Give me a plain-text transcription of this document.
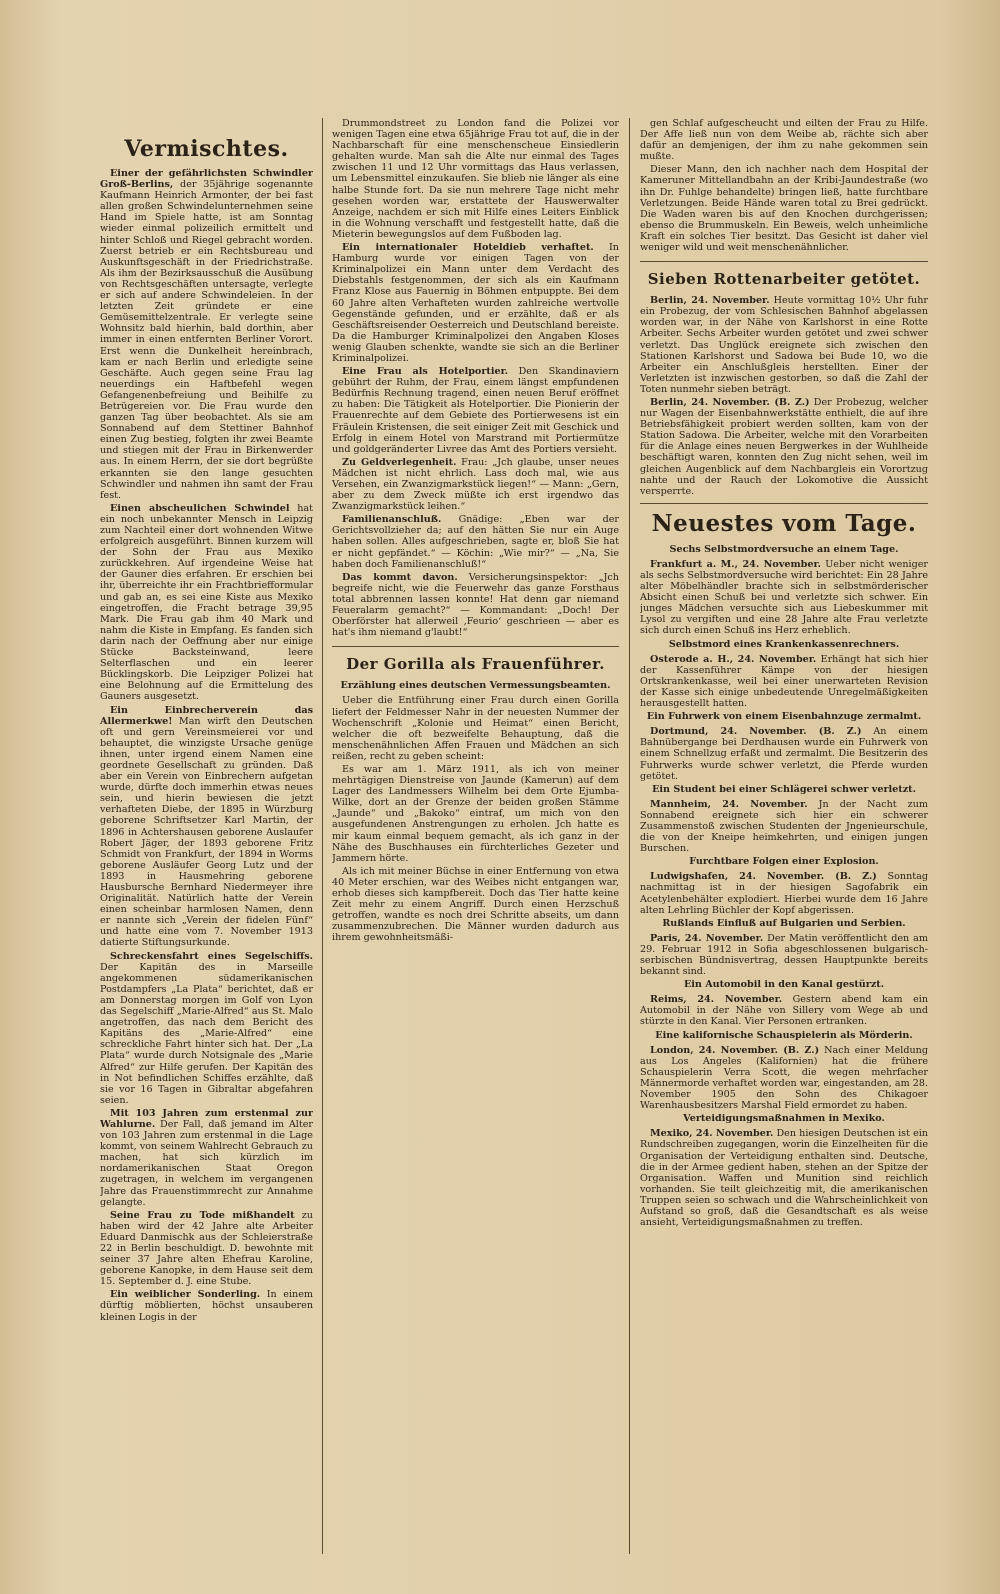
Vermischtes.

Einer der gefährlichsten Schwindler Groß-Berlins, der 35jährige sogenannte Kaufmann Heinrich Armonter, der bei fast allen großen Schwindelunternehmen seine Hand im Spiele hatte, ist am Sonntag wieder einmal polizeilich ermittelt und hinter Schloß und Riegel gebracht worden. Zuerst betrieb er ein Rechtsbureau und Auskunftsgeschäft in der Friedrichstraße. Als ihm der Bezirksausschuß die Ausübung von Rechtsgeschäften untersagte, verlegte er sich auf andere Schwindeleien. In der letzten Zeit gründete er eine Gemüsemittelzentrale. Er verlegte seine Wohnsitz bald hierhin, bald dorthin, aber immer in einen entfernten Berliner Vorort. Erst wenn die Dunkelheit hereinbrach, kam er nach Berlin und erledigte seine Geschäfte. Auch gegen seine Frau lag neuerdings ein Haftbefehl wegen Gefangenenbefreiung und Beihilfe zu Betrügereien vor. Die Frau wurde den ganzen Tag über beobachtet. Als sie am Sonnabend auf dem Stettiner Bahnhof einen Zug bestieg, folgten ihr zwei Beamte und stiegen mit der Frau in Birkenwerder aus. In einem Herrn, der sie dort begrüßte erkannten sie den lange gesuchten Schwindler und nahmen ihn samt der Frau fest.

Einen abscheulichen Schwindel hat ein noch unbekannter Mensch in Leipzig zum Nachteil einer dort wohnenden Witwe erfolgreich ausgeführt. Binnen kurzem will der Sohn der Frau aus Mexiko zurückkehren. Auf irgendeine Weise hat der Gauner dies erfahren. Er erschien bei ihr, überreichte ihr ein Frachtbriefformular und gab an, es sei eine Kiste aus Mexiko eingetroffen, die Fracht betrage 39,95 Mark. Die Frau gab ihm 40 Mark und nahm die Kiste in Empfang. Es fanden sich darin nach der Oeffnung aber nur einige Stücke Backsteinwand, leere Selterflaschen und ein leerer Bücklingskorb. Die Leipziger Polizei hat eine Belohnung auf die Ermittelung des Gauners ausgesetzt.

Ein Einbrecherverein das Allermerkwe! Man wirft den Deutschen oft und gern Vereinsmeierei vor und behauptet, die winzigste Ursache genüge ihnen, unter irgend einem Namen eine geordnete Gesellschaft zu gründen. Daß aber ein Verein von Einbrechern aufgetan wurde, dürfte doch immerhin etwas neues sein, und hierin bewiesen die jetzt verhafteten Diebe, der 1895 in Würzburg geborene Schriftsetzer Karl Martin, der 1896 in Achtershausen geborene Auslaufer Robert Jäger, der 1893 geborene Fritz Schmidt von Frankfurt, der 1894 in Worms geborene Ausläufer Georg Lutz und der 1893 in Hausmehring geborene Hausbursche Bernhard Niedermeyer ihre Originalität. Natürlich hatte der Verein einen scheinbar harmlosen Namen, denn er nannte sich „Verein der fidelen Fünf“ und hatte eine vom 7. November 1913 datierte Stiftungsurkunde.

Schreckensfahrt eines Segelschiffs. Der Kapitän des in Marseille angekommenen südamerikanischen Postdampfers „La Plata“ berichtet, daß er am Donnerstag morgen im Golf von Lyon das Segelschiff „Marie-Alfred“ aus St. Malo angetroffen, das nach dem Bericht des Kapitäns des „Marie-Alfred“ eine schreckliche Fahrt hinter sich hat. Der „La Plata“ wurde durch Notsignale des „Marie Alfred“ zur Hilfe gerufen. Der Kapitän des in Not befindlichen Schiffes erzählte, daß sie vor 16 Tagen in Gibraltar abgefahren seien.

Mit 103 Jahren zum erstenmal zur Wahlurne. Der Fall, daß jemand im Alter von 103 Jahren zum erstenmal in die Lage kommt, von seinem Wahlrecht Gebrauch zu machen, hat sich kürzlich im nordamerikanischen Staat Oregon zugetragen, in welchem im vergangenen Jahre das Frauenstimmrecht zur Annahme gelangte.

Seine Frau zu Tode mißhandelt zu haben wird der 42 Jahre alte Arbeiter Eduard Danmischk aus der Schleierstraße 22 in Berlin beschuldigt. D. bewohnte mit seiner 37 Jahre alten Ehefrau Karoline, geborene Kanopke, in dem Hause seit dem 15. September d. J. eine Stube.

Ein weiblicher Sonderling. In einem dürftig möblierten, höchst unsauberen kleinen Logis in der

Drummondstreet zu London fand die Polizei vor wenigen Tagen eine etwa 65jährige Frau tot auf, die in der Nachbarschaft für eine menschenscheue Einsiedlerin gehalten wurde. Man sah die Alte nur einmal des Tages zwischen 11 und 12 Uhr vormittags das Haus verlassen, um Lebensmittel einzukaufen. Sie blieb nie länger als eine halbe Stunde fort. Da sie nun mehrere Tage nicht mehr gesehen worden war, erstattete der Hauswerwalter Anzeige, nachdem er sich mit Hilfe eines Leiters Einblick in die Wohnung verschafft und festgestellt hatte, daß die Mieterin bewegungslos auf dem Fußboden lag.

Ein internationaler Hoteldieb verhaftet. In Hamburg wurde vor einigen Tagen von der Kriminalpolizei ein Mann unter dem Verdacht des Diebstahls festgenommen, der sich als ein Kaufmann Franz Klose aus Fauernig in Böhmen entpuppte. Bei dem 60 Jahre alten Verhafteten wurden zahlreiche wertvolle Gegenstände gefunden, und er erzählte, daß er als Geschäftsreisender Oesterreich und Deutschland bereiste. Da die Hamburger Kriminalpolizei den Angaben Kloses wenig Glauben schenkte, wandte sie sich an die Berliner Kriminalpolizei.

Eine Frau als Hotelportier. Den Skandinaviern gebührt der Ruhm, der Frau, einem längst empfundenen Bedürfnis Rechnung tragend, einen neuen Beruf eröffnet zu haben: Die Tätigkeit als Hotelportier. Die Pionierin der Frauenrechte auf dem Gebiete des Portierwesens ist ein Fräulein Kristensen, die seit einiger Zeit mit Geschick und Erfolg in einem Hotel von Marstrand mit Portiermütze und goldgeränderter Livree das Amt des Portiers versieht.

Zu Geldverlegenheit. Frau: „Jch glaube, unser neues Mädchen ist nicht ehrlich. Lass doch mal, wie aus Versehen, ein Zwanzigmarkstück liegen!“ — Mann: „Gern, aber zu dem Zweck müßte ich erst irgendwo das Zwanzigmarkstück leihen.“

Familienanschluß. Gnädige: „Eben war der Gerichtsvollzieher da; auf den hätten Sie nur ein Auge haben sollen. Alles aufgeschrieben, sagte er, bloß Sie hat er nicht gepfändet.“ — Köchin: „Wie mir?“ — „Na, Sie haben doch Familienanschluß!“

Das kommt davon. Versicherungsinspektor: „Jch begreife nicht, wie die Feuerwehr das ganze Forsthaus total abbrennen lassen konnte! Hat denn gar niemand Feueralarm gemacht?“ — Kommandant: „Doch! Der Oberförster hat allerweil ‚Feurio‘ geschrieen — aber es hat's ihm niemand g'laubt!“

Der Gorilla als Frauenführer.
Erzählung eines deutschen Vermessungsbeamten.

Ueber die Entführung einer Frau durch einen Gorilla liefert der Feldmesser Nahr in der neuesten Nummer der Wochenschrift „Kolonie und Heimat“ einen Bericht, welcher die oft bezweifelte Behauptung, daß die menschenähnlichen Affen Frauen und Mädchen an sich reißen, recht zu geben scheint:

Es war am 1. März 1911, als ich von meiner mehrtägigen Dienstreise von Jaunde (Kamerun) auf dem Lager des Landmessers Wilhelm bei dem Orte Ejumba-Wilke, dort an der Grenze der beiden großen Stämme „Jaunde“ und „Bakoko“ eintraf, um mich von den ausgefundenen Anstrengungen zu erholen. Jch hatte es mir kaum einmal bequem gemacht, als ich ganz in der Nähe des Buschhauses ein fürchterliches Gezeter und Jammern hörte.

Als ich mit meiner Büchse in einer Entfernung von etwa 40 Meter erschien, war des Weibes nicht entgangen war, erhob dieses sich kampfbereit. Doch das Tier hatte keine Zeit mehr zu einem Angriff. Durch einen Herzschuß getroffen, wandte es noch drei Schritte abseits, um dann zusammenzubrechen. Die Männer wurden dadurch aus ihrem gewohnheitsmäßi-

gen Schlaf aufgescheucht und eilten der Frau zu Hilfe. Der Affe ließ nun von dem Weibe ab, rächte sich aber dafür an demjenigen, der ihm zu nahe gekommen sein mußte.

Dieser Mann, den ich nachher nach dem Hospital der Kameruner Mittellandbahn an der Kribi-Jaundestraße (wo ihn Dr. Fuhlge behandelte) bringen ließ, hatte furchtbare Verletzungen. Beide Hände waren total zu Brei gedrückt. Die Waden waren bis auf den Knochen durchgerissen; ebenso die Brummuskeln. Ein Beweis, welch unheimliche Kraft ein solches Tier besitzt. Das Gesicht ist daher viel weniger wild und weit menschenähnlicher.

Sieben Rottenarbeiter getötet.

Berlin, 24. November. Heute vormittag 10½ Uhr fuhr ein Probezug, der vom Schlesischen Bahnhof abgelassen worden war, in der Nähe von Karlshorst in eine Rotte Arbeiter. Sechs Arbeiter wurden getötet und zwei schwer verletzt. Das Unglück ereignete sich zwischen den Stationen Karlshorst und Sadowa bei Bude 10, wo die Arbeiter ein Anschlußgleis herstellten. Einer der Verletzten ist inzwischen gestorben, so daß die Zahl der Toten nunmehr sieben beträgt.

Berlin, 24. November. (B. Z.) Der Probezug, welcher nur Wagen der Eisenbahnwerkstätte enthielt, die auf ihre Betriebsfähigkeit probiert werden sollten, kam von der Station Sadowa. Die Arbeiter, welche mit den Vorarbeiten für die Anlage eines neuen Bergwerkes in der Wuhlheide beschäftigt waren, konnten den Zug nicht sehen, weil im gleichen Augenblick auf dem Nachbargleis ein Vorortzug nahte und der Rauch der Lokomotive die Aussicht versperrte.

Neuestes vom Tage.
Sechs Selbstmordversuche an einem Tage.

Frankfurt a. M., 24. November. Ueber nicht weniger als sechs Selbstmordversuche wird berichtet: Ein 28 Jahre alter Möbelhändler brachte sich in selbstmörderischer Absicht einen Schuß bei und verletzte sich schwer. Ein junges Mädchen versuchte sich aus Liebeskummer mit Lysol zu vergiften und eine 28 Jahre alte Frau verletzte sich durch einen Schuß ins Herz erheblich.

Selbstmord eines Krankenkassenrechners.

Osterode a. H., 24. November. Erhängt hat sich hier der Kassenführer Kämpe von der hiesigen Ortskrankenkasse, weil bei einer unerwarteten Revision der Kasse sich einige unbedeutende Unregelmäßigkeiten herausgestellt hatten.

Ein Fuhrwerk von einem Eisenbahnzuge zermalmt.

Dortmund, 24. November. (B. Z.) An einem Bahnübergange bei Derdhausen wurde ein Fuhrwerk von einem Schnellzug erfaßt und zermalmt. Die Besitzerin des Fuhrwerks wurde schwer verletzt, die Pferde wurden getötet.

Ein Student bei einer Schlägerei schwer verletzt.

Mannheim, 24. November. Jn der Nacht zum Sonnabend ereignete sich hier ein schwerer Zusammenstoß zwischen Studenten der Jngenieurschule, die von der Kneipe heimkehrten, und einigen jungen Burschen.

Furchtbare Folgen einer Explosion.

Ludwigshafen, 24. November. (B. Z.) Sonntag nachmittag ist in der hiesigen Sagofabrik ein Acetylenbehälter explodiert. Hierbei wurde dem 16 Jahre alten Lehrling Büchler der Kopf abgerissen.

Rußlands Einfluß auf Bulgarien und Serbien.

Paris, 24. November. Der Matin veröffentlicht den am 29. Februar 1912 in Sofia abgeschlossenen bulgarisch-serbischen Bündnisvertrag, dessen Hauptpunkte bereits bekannt sind.

Ein Automobil in den Kanal gestürzt.

Reims, 24. November. Gestern abend kam ein Automobil in der Nähe von Sillery vom Wege ab und stürzte in den Kanal. Vier Personen ertranken.

Eine kalifornische Schauspielerin als Mörderin.

London, 24. November. (B. Z.) Nach einer Meldung aus Los Angeles (Kalifornien) hat die frühere Schauspielerin Verra Scott, die wegen mehrfacher Männermorde verhaftet worden war, eingestanden, am 28. November 1905 den Sohn des Chikagoer Warenhausbesitzers Marshal Field ermordet zu haben.

Verteidigungsmaßnahmen in Mexiko.

Mexiko, 24. November. Den hiesigen Deutschen ist ein Rundschreiben zugegangen, worin die Einzelheiten für die Organisation der Verteidigung enthalten sind. Deutsche, die in der Armee gedient haben, stehen an der Spitze der Organisation. Waffen und Munition sind reichlich vorhanden. Sie teilt gleichzeitig mit, die amerikanischen Truppen seien so schwach und die Wahrscheinlichkeit von Aufstand so groß, daß die Gesandtschaft es als weise ansieht, Verteidigungsmaßnahmen zu treffen.
